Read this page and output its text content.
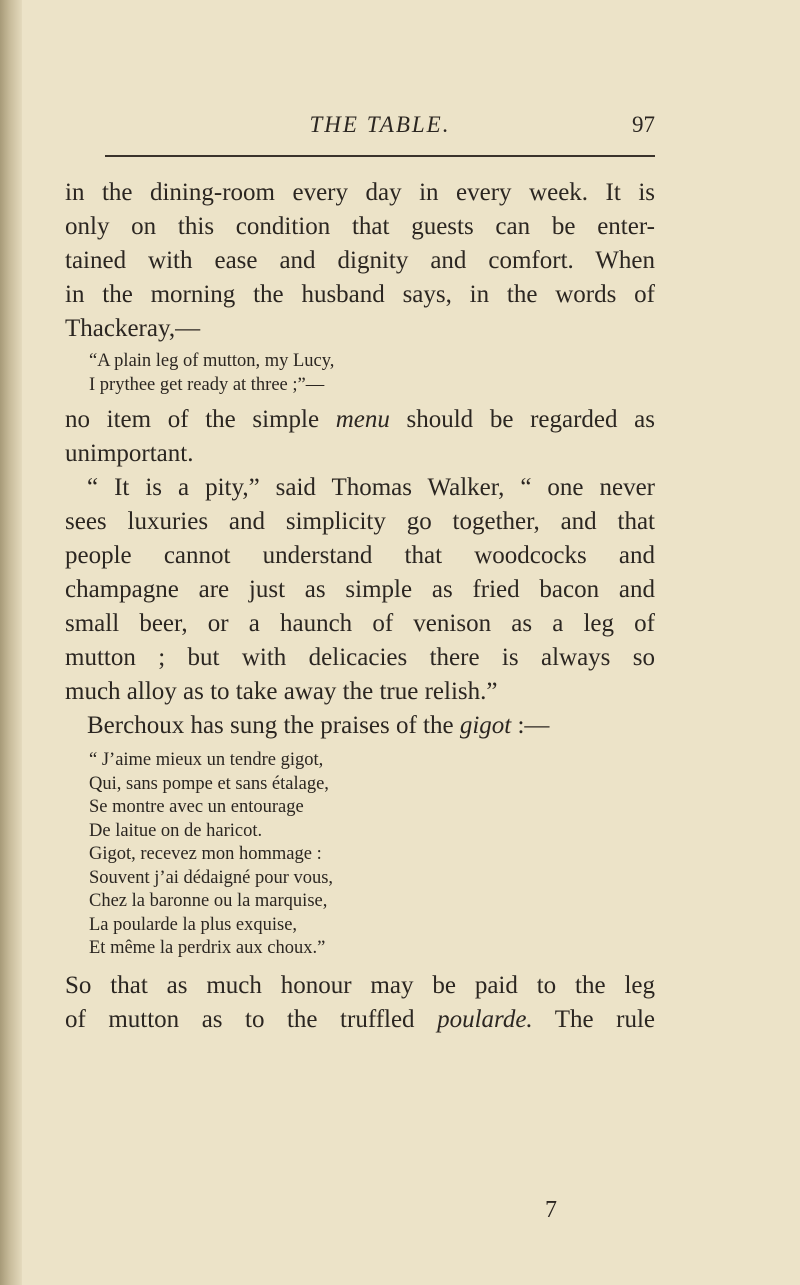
THE TABLE.	97
in the dining-room every day in every week. It is
only on this condition that guests can be enter-
tained with ease and dignity and comfort. When
in the morning the husband says, in the words of
Thackeray,—
“A plain leg of mutton, my Lucy,
I prythee get ready at three ;”—
no item of the simple menu should be regarded as
unimportant.
“ It is a pity,” said Thomas Walker, “ one never
sees luxuries and simplicity go together, and that
people cannot understand that woodcocks and
champagne are just as simple as fried bacon and
small beer, or a haunch of venison as a leg of
mutton ; but with delicacies there is always so
much alloy as to take away the true relish.”
Berchoux has sung the praises of the gigot :—
“ J’aime mieux un tendre gigot,
Qui, sans pompe et sans étalage,
Se montre avec un entourage
De laitue on de haricot.
Gigot, recevez mon hommage :
Souvent j’ai dédaigné pour vous,
Chez la baronne ou la marquise,
La poularde la plus exquise,
Et même la perdrix aux choux.”
So that as much honour may be paid to the leg
of mutton as to the truffled poularde. The rule
7
